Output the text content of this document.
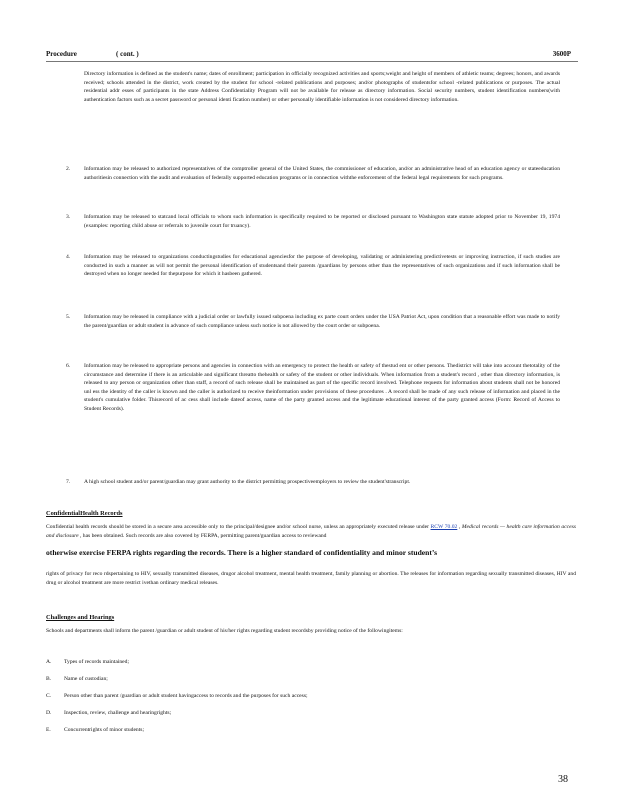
Procedure	( cont. )	3600P
Directory information is defined as the student's name; dates of enrollment; participation in officially recognized activities and sports;weight and height of members of athletic teams; degrees; honors, and awards received; schools attended in the district, work created by the student for school -related publications and purposes; and/or photographs of studentsfor school -related publications or purposes. The actual residential addr esses of participants in the state Address Confidentiality Program will not be available for release as directory information. Social security numbers, student identification numbers(with authentication factors such as a secret password or personal identi fication number) or other personally identifiable information is not considered directory information.
2. Information may be released to authorized representatives of the comptroller general of the United States, the commissioner of education, and/or an administrative head of an education agency or stateeducation authoritiesin connection with the audit and evaluation of federally supported education programs or in connection withthe enforcement of the federal legal requirements for such programs.
3. Information may be released to statcand local officials to whom such information is specifically required to be reported or disclosed pursuant to Washington state statute adopted prior to November 19, 1974 (examples: reporting child abuse or referrals to juvenile court for truancy).
4. Information may be released to organizations conductingstudies for educational agenciesfor the purpose of developing, validating or administering predictivetests or improving instruction, if such studies are conducted in such a manner as will not permit the personal identification of studentsand their parents /guardians by persons other than the representatives of such organizations and if such information shall be destroyed when no longer needed for thepurpose for which it hasbeen gathered.
5. Information may be released in compliance with a judicial order or lawfully issued subpoena including ex parte court orders under the USA Patriot Act, upon condition that a reasonable effort was made to notify the parent/guardian or adult student in advance of such compliance unless such notice is not allowed by the court order or subpoena.
6. Information may be released to appropriate persons and agencies in connection with an emergency to protect the health or safety of thestud ent or other persons. Thedistrict will take into account thetotality of the circumstance and determine if there is an articulable and significant threatto thehealth or safety of the student or other individuals. When information from a student's record , other than directory information, is released to any person or organization other than staff, a record of such release shall be maintained as part of the specific record involved. Telephone requests for information about students shall not be honored unl ess the identity of the caller is known and the caller is authorized to receive theinformation under provisions of these procedures . A record shall be made of any such release of information and placed in the student's cumulative folder. Thisrecord of ac cess shall include dateof access, name of the party granted access and the legitimate educational interest of the party granted access (Form: Record of Access to Student Records).
7. A high school student and/or parent/guardian may grant authority to the district permitting prospectiveemployers to review the student'stranscript.
ConfidentialHealth Records
Confidential health records should be stored in a secure area accessible only to the principal/designee and/or school nurse, unless an appropriately executed release under RCW 70.02 , Medical records — health care information access and disclosure , has been obtained. Such records are also covered by FERPA, permitting parent/guardian access to reviewand
otherwise exercise FERPA rights regarding the records. There is a higher standard of confidentiality and minor student’s
rights of privacy for reco rdspertaining to HIV, sexually transmitted diseases, drugor alcohol treatment, mental health treatment, family planning or abortion. The releases for information regarding sexually transmitted diseases, HIV and drug or alcohol treatment are more restrict ivethan ordinary medical releases.
Challenges and Hearings
Schools and departments shall inform the parent /guardian or adult student of his/her rights regarding student recordsby providing notice of the followingitems:
A. Types of records maintained;
B. Name of custodian;
C. Person other than parent /guardian or adult student havingaccess to records and the purposes for such access;
D. Inspection, review, challenge and hearingrights;
E. Concurrentrights of minor students;
38
